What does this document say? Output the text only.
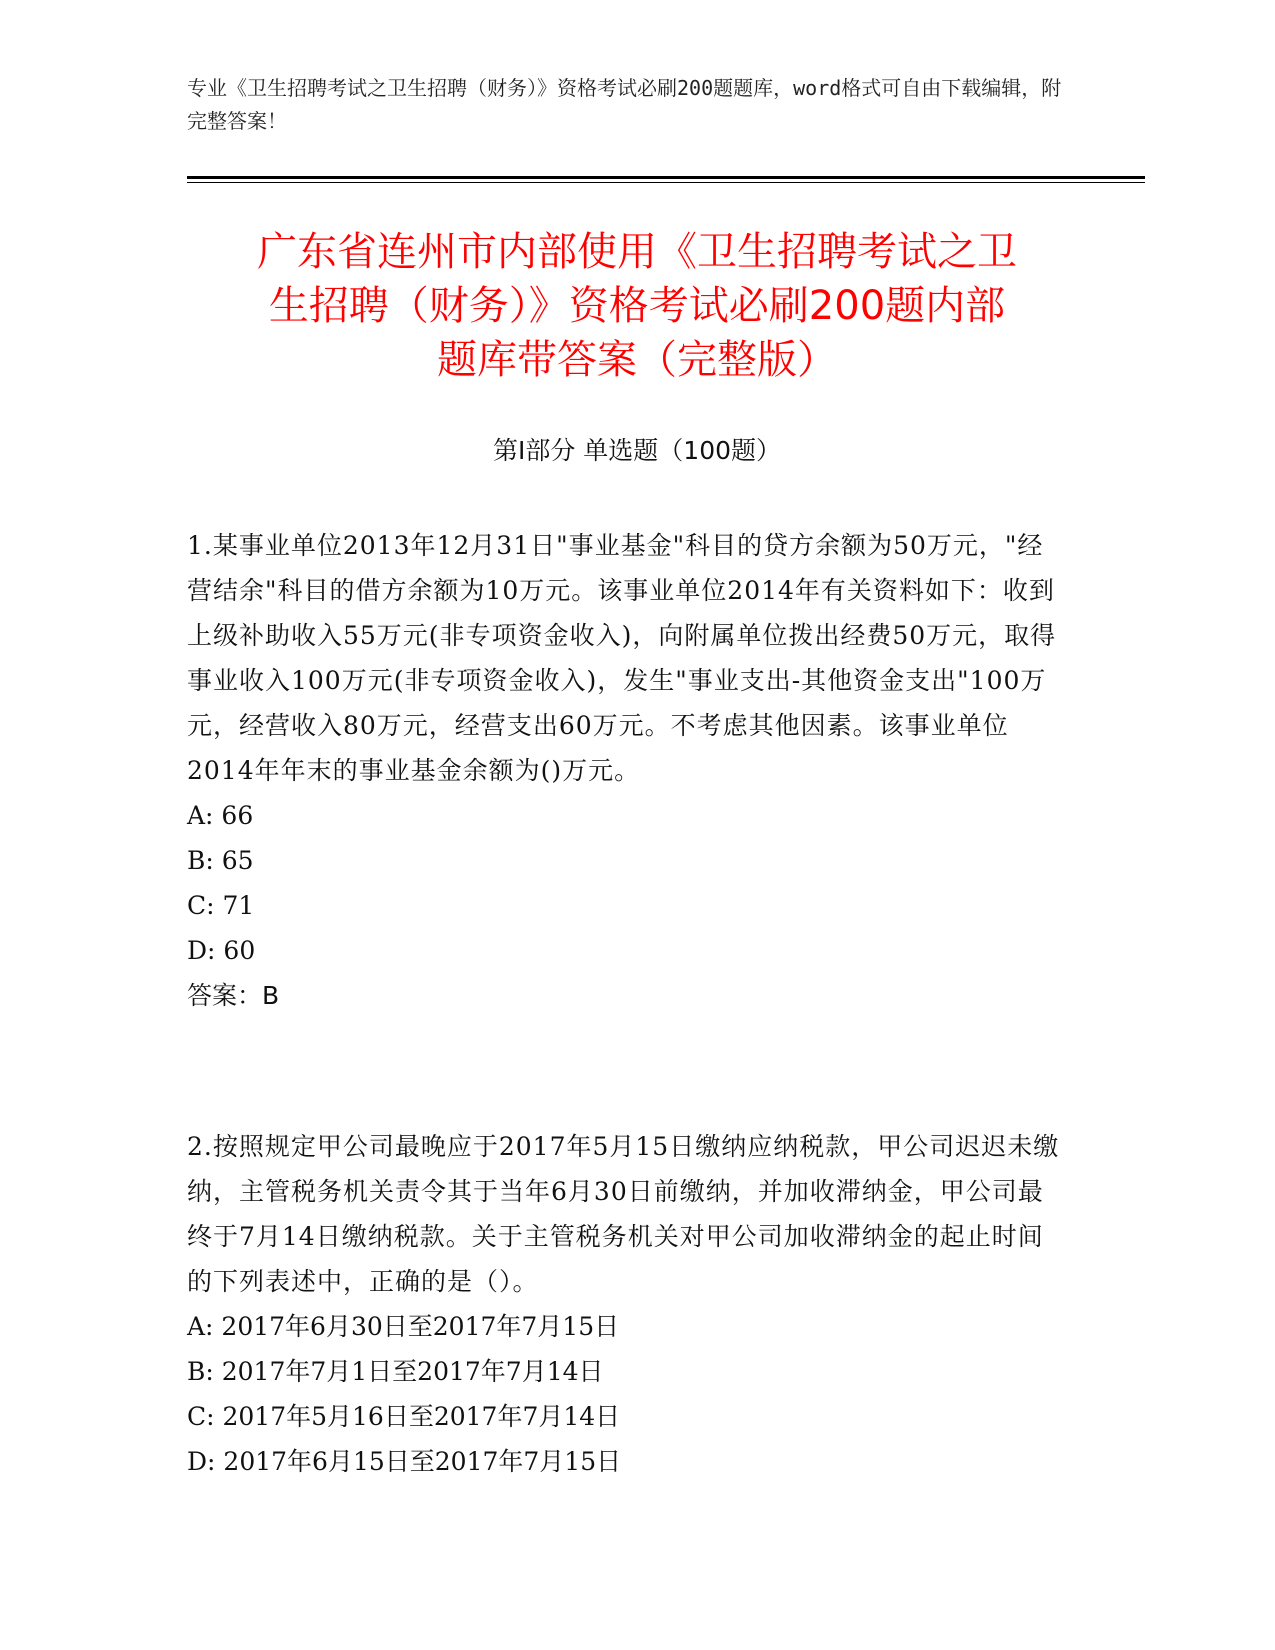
专业《卫生招聘考试之卫生招聘（财务）》资格考试必刷200题题库，word格式可自由下载编辑，附完整答案！
广东省连州市内部使用《卫生招聘考试之卫
生招聘（财务）》资格考试必刷200题内部
题库带答案（完整版）
第Ⅰ部分 单选题（100题）
1.某事业单位2013年12月31日"事业基金"科目的贷方余额为50万元，"经营结余"科目的借方余额为10万元。该事业单位2014年有关资料如下：收到上级补助收入55万元(非专项资金收入)，向附属单位拨出经费50万元，取得事业收入100万元(非专项资金收入)，发生"事业支出-其他资金支出"100万元，经营收入80万元，经营支出60万元。不考虑其他因素。该事业单位2014年年末的事业基金余额为()万元。
A: 66
B: 65
C: 71
D: 60
答案：B
2.按照规定甲公司最晚应于2017年5月15日缴纳应纳税款，甲公司迟迟未缴纳，主管税务机关责令其于当年6月30日前缴纳，并加收滞纳金，甲公司最终于7月14日缴纳税款。关于主管税务机关对甲公司加收滞纳金的起止时间的下列表述中，正确的是（）。
A: 2017年6月30日至2017年7月15日
B: 2017年7月1日至2017年7月14日
C: 2017年5月16日至2017年7月14日
D: 2017年6月15日至2017年7月15日
